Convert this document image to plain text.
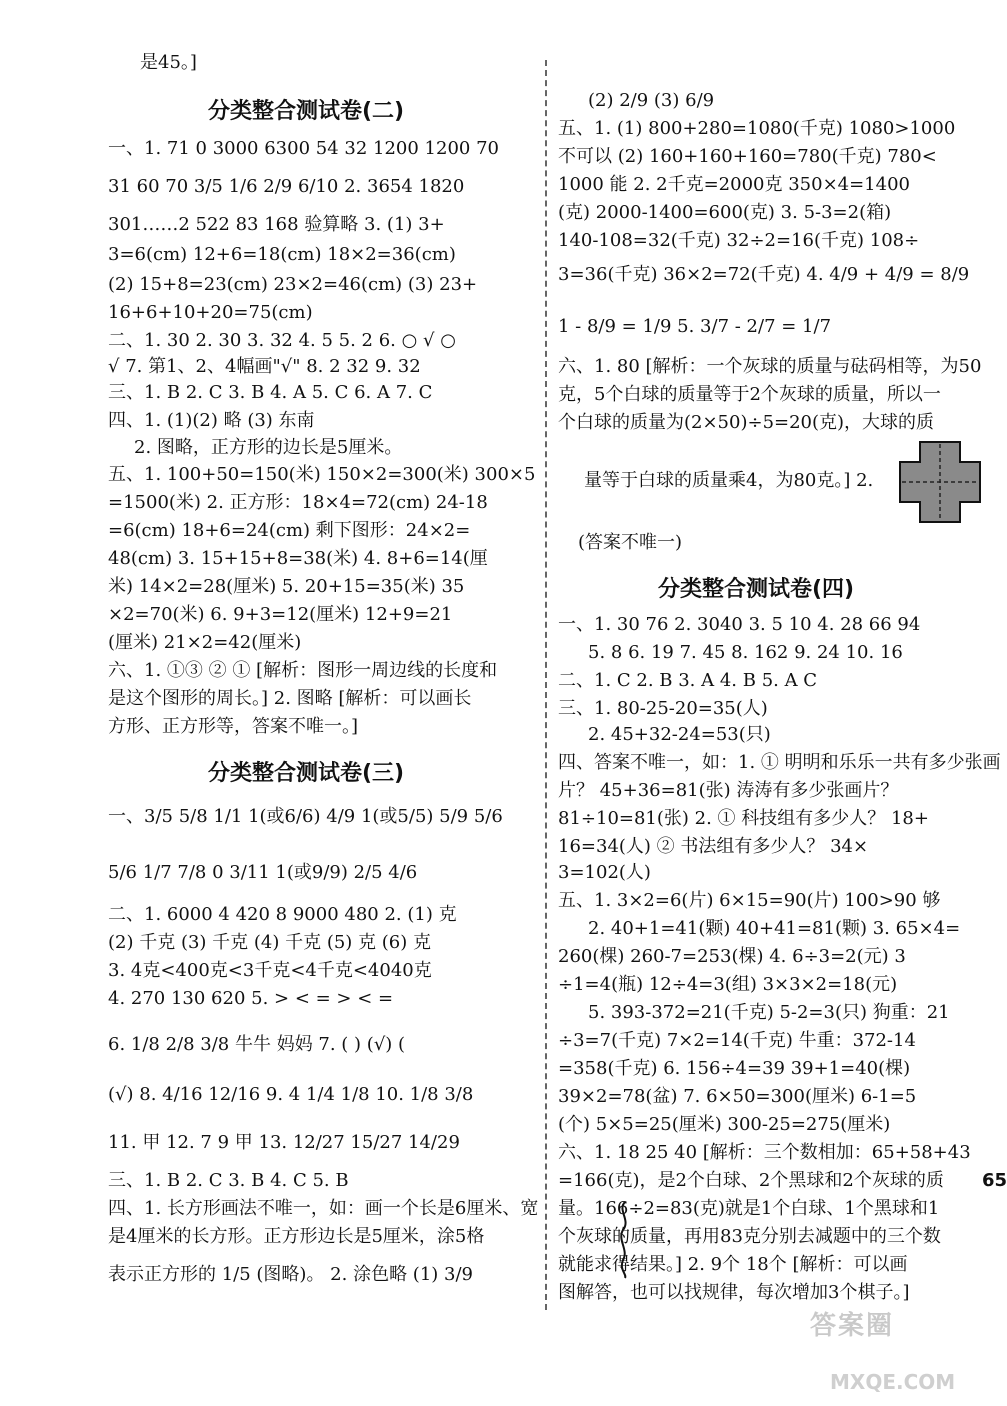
是45。]
分类整合测试卷(二)
一、1. 71 0 3000 6300 54 32 1200 1200 70
31 60 70 3/5 1/6 2/9 6/10 2. 3654 1820
301……2 522 83 168 验算略 3. (1) 3+
3=6(cm) 12+6=18(cm) 18×2=36(cm)
(2) 15+8=23(cm) 23×2=46(cm) (3) 23+
16+6+10+20=75(cm)
二、1. 30 2. 30 3. 32 4. 5 5. 2 6. ○ √ ○
√ 7. 第1、2、4幅画"√" 8. 2 32 9. 32
三、1. B 2. C 3. B 4. A 5. C 6. A 7. C
四、1. (1)(2) 略 (3) 东南
2. 图略，正方形的边长是5厘米。
五、1. 100+50=150(米) 150×2=300(米) 300×5
=1500(米) 2. 正方形：18×4=72(cm) 24-18
=6(cm) 18+6=24(cm) 剩下图形：24×2=
48(cm) 3. 15+15+8=38(米) 4. 8+6=14(厘
米) 14×2=28(厘米) 5. 20+15=35(米) 35
×2=70(米) 6. 9+3=12(厘米) 12+9=21
(厘米) 21×2=42(厘米)
六、1. ①③ ② ① [解析：图形一周边线的长度和
是这个图形的周长。] 2. 图略 [解析：可以画长
方形、正方形等，答案不唯一。]
分类整合测试卷(三)
一、3/5 5/8 1/1 1(或6/6) 4/9 1(或5/5) 5/9 5/6
5/6 1/7 7/8 0 3/11 1(或9/9) 2/5 4/6
二、1. 6000 4 420 8 9000 480 2. (1) 克
(2) 千克 (3) 千克 (4) 千克 (5) 克 (6) 克
3. 4克<400克<3千克<4千克<4040克
4. 270 130 620 5. > < = > < =
6. 1/8 2/8 3/8 牛牛 妈妈 7. ( ) (√) (
(√) 8. 4/16 12/16 9. 4 1/4 1/8 10. 1/8 3/8
11. 甲 12. 7 9 甲 13. 12/27 15/27 14/29
三、1. B 2. C 3. B 4. C 5. B
四、1. 长方形画法不唯一，如：画一个长是6厘米、宽
是4厘米的长方形。正方形边长是5厘米，涂5格
表示正方形的 1/5 (图略)。 2. 涂色略 (1) 3/9
(2) 2/9 (3) 6/9
五、1. (1) 800+280=1080(千克) 1080>1000
不可以 (2) 160+160+160=780(千克) 780<
1000 能 2. 2千克=2000克 350×4=1400
(克) 2000-1400=600(克) 3. 5-3=2(箱)
140-108=32(千克) 32÷2=16(千克) 108÷
3=36(千克) 36×2=72(千克) 4. 4/9 + 4/9 = 8/9
1 - 8/9 = 1/9 5. 3/7 - 2/7 = 1/7
六、1. 80 [解析：一个灰球的质量与砝码相等，为50
克，5个白球的质量等于2个灰球的质量，所以一
个白球的质量为(2×50)÷5=20(克)，大球的质
量等于白球的质量乘4，为80克。] 2.
(答案不唯一)
分类整合测试卷(四)
一、1. 30 76 2. 3040 3. 5 10 4. 28 66 94
5. 8 6. 19 7. 45 8. 162 9. 24 10. 16
二、1. C 2. B 3. A 4. B 5. A C
三、1. 80-25-20=35(人)
2. 45+32-24=53(只)
四、答案不唯一，如：1. ① 明明和乐乐一共有多少张画
片？ 45+36=81(张) 涛涛有多少张画片？
81÷10=81(张) 2. ① 科技组有多少人？ 18+
16=34(人) ② 书法组有多少人？ 34×
3=102(人)
五、1. 3×2=6(片) 6×15=90(片) 100>90 够
2. 40+1=41(颗) 40+41=81(颗) 3. 65×4=
260(棵) 260-7=253(棵) 4. 6÷3=2(元) 3
÷1=4(瓶) 12÷4=3(组) 3×3×2=18(元)
5. 393-372=21(千克) 5-2=3(只) 狗重：21
÷3=7(千克) 7×2=14(千克) 牛重：372-14
=358(千克) 6. 156÷4=39 39+1=40(棵)
39×2=78(盆) 7. 6×50=300(厘米) 6-1=5
(个) 5×5=25(厘米) 300-25=275(厘米)
六、1. 18 25 40 [解析：三个数相加：65+58+43
=166(克)，是2个白球、2个黑球和2个灰球的质
量。166÷2=83(克)就是1个白球、1个黑球和1
个灰球的质量，再用83克分别去减题中的三个数
就能求得结果。] 2. 9个 18个 [解析：可以画
图解答，也可以找规律，每次增加3个棋子。]
65
答案圈
MXQE.COM
